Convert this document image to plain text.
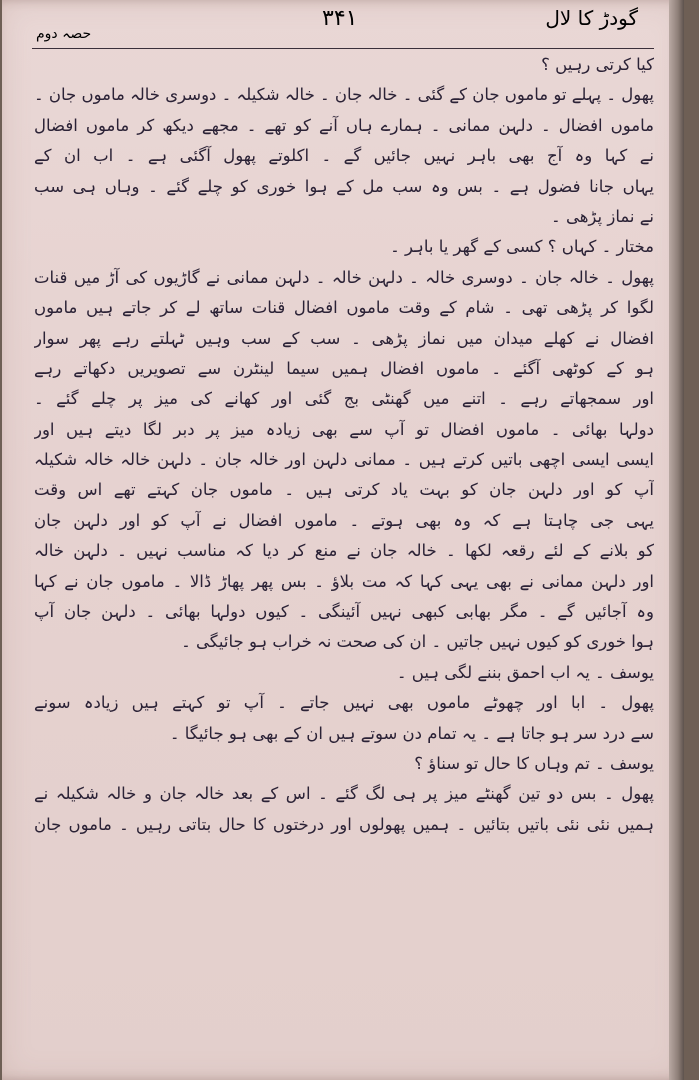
گودڑ کا لال
۳۴۱
حصہ دوم
کیا کرتی رہیں ؟
پھول ۔ پہلے تو ماموں جان کے گئی ۔ خالہ جان ۔ خالہ شکیلہ ۔ دوسری خالہ ماموں جان ۔
ماموں افضال ۔ دلہن ممانی ۔ ہمارے ہاں آنے کو تھے ۔ مجھے دیکھ کر ماموں افضال
نے کہا وہ آج بھی باہر نہیں جائیں گے ۔ اکلوتے پھول آگئی ہے ۔ اب ان کے
یہاں جانا فضول ہے ۔ بس وہ سب مل کے ہوا خوری کو چلے گئے ۔ وہاں ہی سب
نے نماز پڑھی ۔
مختار ۔ کہاں ؟ کسی کے گھر یا باہر ۔
پھول ۔ خالہ جان ۔ دوسری خالہ ۔ دلہن خالہ ۔ دلہن ممانی نے گاڑیوں کی آڑ میں قنات
لگوا کر پڑھی تھی ۔ شام کے وقت ماموں افضال قنات ساتھ لے کر جاتے ہیں ماموں
افضال نے کھلے میدان میں نماز پڑھی ۔ سب کے سب وہیں ٹہلتے رہے پھر سوار
ہو کے کوٹھی آگئے ۔ ماموں افضال ہمیں سیما لینٹرن سے تصویریں دکھاتے رہے
اور سمجھاتے رہے ۔ اتنے میں گھنٹی بج گئی اور کھانے کی میز پر چلے گئے ۔
دولہا بھائی ۔ ماموں افضال تو آپ سے بھی زیادہ میز پر دبر لگا دیتے ہیں اور
ایسی ایسی اچھی باتیں کرتے ہیں ۔ ممانی دلہن اور خالہ جان ۔ دلہن خالہ خالہ شکیلہ
آپ کو اور دلہن جان کو بہت یاد کرتی ہیں ۔ ماموں جان کہتے تھے اس وقت
یہی جی چاہتا ہے کہ وہ بھی ہوتے ۔ ماموں افضال نے آپ کو اور دلہن جان
کو بلانے کے لئے رقعہ لکھا ۔ خالہ جان نے منع کر دیا کہ مناسب نہیں ۔ دلہن خالہ
اور دلہن ممانی نے بھی یہی کہا کہ مت بلاؤ ۔ بس پھر پھاڑ ڈالا ۔ ماموں جان نے کہا
وہ آجائیں گے ۔ مگر بھابی کبھی نہیں آئینگی ۔ کیوں دولہا بھائی ۔ دلہن جان آپ
ہوا خوری کو کیوں نہیں جاتیں ۔ ان کی صحت نہ خراب ہو جائیگی ۔
یوسف ۔ یہ اب احمق بننے لگی ہیں ۔
پھول ۔ ابا اور چھوٹے ماموں بھی نہیں جاتے ۔ آپ تو کہتے ہیں زیادہ سونے
سے درد سر ہو جاتا ہے ۔ یہ تمام دن سوتے ہیں ان کے بھی ہو جائیگا ۔
یوسف ۔ تم وہاں کا حال تو سناؤ ؟
پھول ۔ بس دو تین گھنٹے میز پر ہی لگ گئے ۔ اس کے بعد خالہ جان و خالہ شکیلہ نے
ہمیں نئی نئی باتیں بتائیں ۔ ہمیں پھولوں اور درختوں کا حال بتاتی رہیں ۔ ماموں جان
